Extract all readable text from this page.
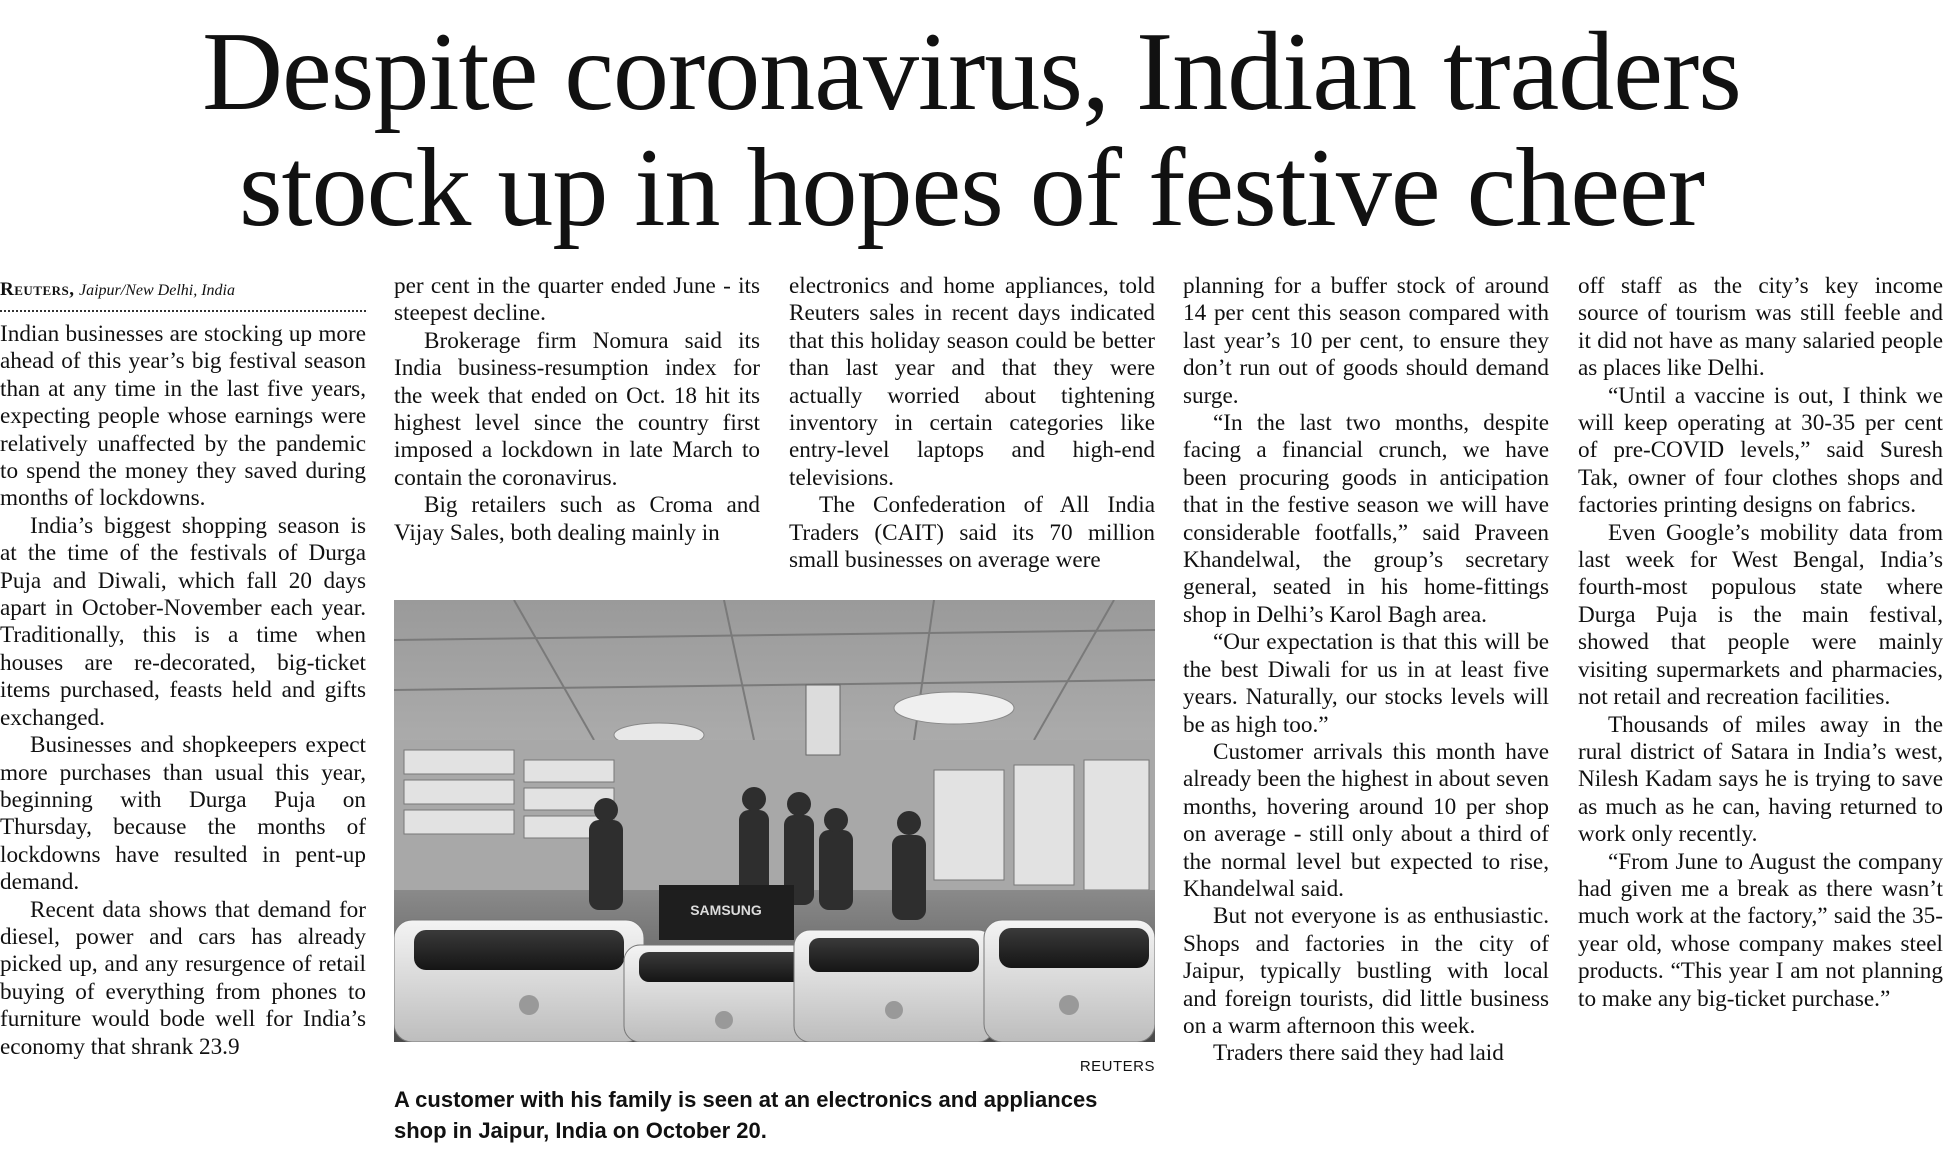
Despite coronavirus, Indian traders
stock up in hopes of festive cheer
Reuters, Jaipur/New Delhi, India

Indian businesses are stocking up more ahead of this year’s big festival season than at any time in the last five years, expecting people whose earnings were relatively unaffected by the pandemic to spend the money they saved during months of lockdowns.

India’s biggest shopping season is at the time of the festivals of Durga Puja and Diwali, which fall 20 days apart in October-November each year. Traditionally, this is a time when houses are re-decorated, big-ticket items purchased, feasts held and gifts exchanged.

Businesses and shopkeepers expect more purchases than usual this year, beginning with Durga Puja on Thursday, because the months of lockdowns have resulted in pent-up demand.

Recent data shows that demand for diesel, power and cars has already picked up, and any resurgence of retail buying of everything from phones to furniture would bode well for India’s economy that shrank 23.9

per cent in the quarter ended June - its steepest decline.

Brokerage firm Nomura said its India business-resumption index for the week that ended on Oct. 18 hit its highest level since the country first imposed a lockdown in late March to contain the coronavirus.

Big retailers such as Croma and Vijay Sales, both dealing mainly in

electronics and home appliances, told Reuters sales in recent days indicated that this holiday season could be better than last year and that they were actually worried about tightening inventory in certain categories like entry-level laptops and high-end televisions.

The Confederation of All India Traders (CAIT) said its 70 million small businesses on average were

planning for a buffer stock of around 14 per cent this season compared with last year’s 10 per cent, to ensure they don’t run out of goods should demand surge.

“In the last two months, despite facing a financial crunch, we have been procuring goods in anticipation that in the festive season we will have considerable footfalls,” said Praveen Khandelwal, the group’s secretary general, seated in his home-fittings shop in Delhi’s Karol Bagh area.

“Our expectation is that this will be the best Diwali for us in at least five years. Naturally, our stocks levels will be as high too.”

Customer arrivals this month have already been the highest in about seven months, hovering around 10 per shop on average - still only about a third of the normal level but expected to rise, Khandelwal said.

But not everyone is as enthusiastic. Shops and factories in the city of Jaipur, typically bustling with local and foreign tourists, did little business on a warm afternoon this week.

Traders there said they had laid

off staff as the city’s key income source of tourism was still feeble and it did not have as many salaried people as places like Delhi.

“Until a vaccine is out, I think we will keep operating at 30-35 per cent of pre-COVID levels,” said Suresh Tak, owner of four clothes shops and factories printing designs on fabrics.

Even Google’s mobility data from last week for West Bengal, India’s fourth-most populous state where Durga Puja is the main festival, showed that people were mainly visiting supermarkets and pharmacies, not retail and recreation facilities.

Thousands of miles away in the rural district of Satara in India’s west, Nilesh Kadam says he is trying to save as much as he can, having returned to work only recently.

“From June to August the company had given me a break as there wasn’t much work at the factory,” said the 35-year old, whose company makes steel products. “This year I am not planning to make any big-ticket purchase.”

SAMSUNG
REUTERS
A customer with his family is seen at an electronics and appliances shop in Jaipur, India on October 20.
